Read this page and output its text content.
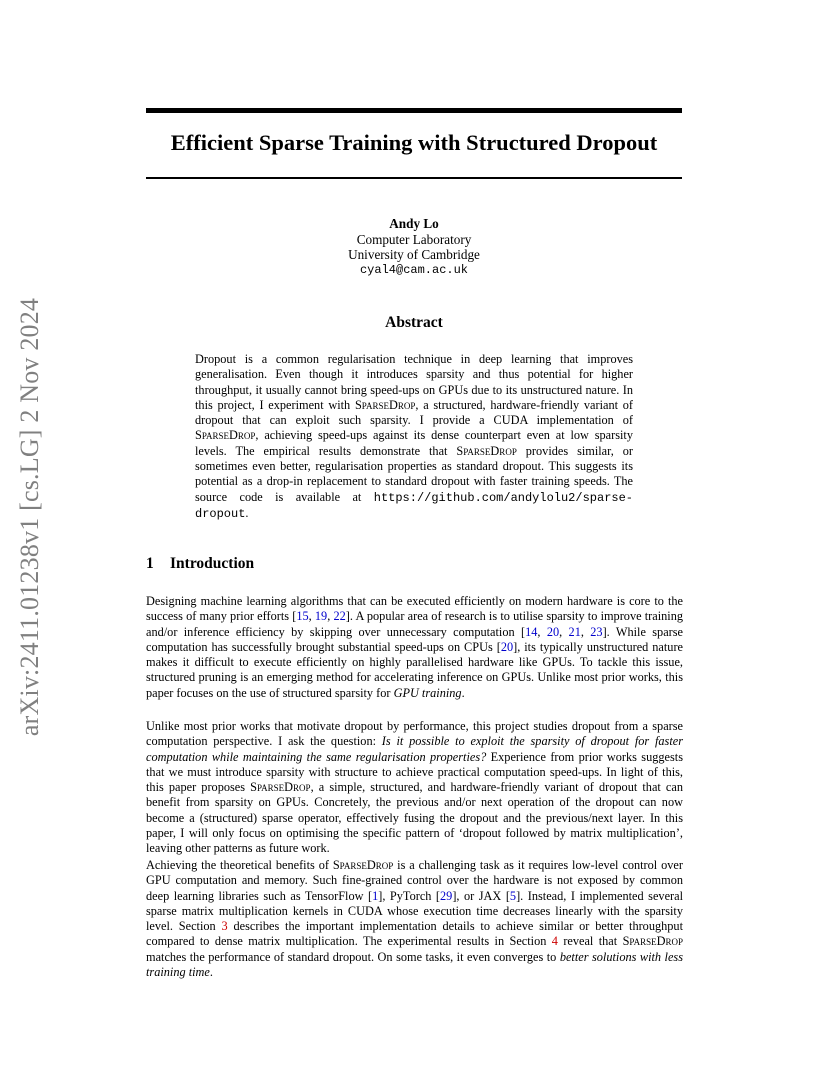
arXiv:2411.01238v1 [cs.LG] 2 Nov 2024
Efficient Sparse Training with Structured Dropout
Andy Lo
Computer Laboratory
University of Cambridge
cyal4@cam.ac.uk
Abstract

Dropout is a common regularisation technique in deep learning that improves generalisation. Even though it introduces sparsity and thus potential for higher throughput, it usually cannot bring speed-ups on GPUs due to its unstructured nature. In this project, I experiment with SparseDrop, a structured, hardware-friendly variant of dropout that can exploit such sparsity. I provide a CUDA implementation of SparseDrop, achieving speed-ups against its dense counterpart even at low sparsity levels. The empirical results demonstrate that SparseDrop provides similar, or sometimes even better, regularisation properties as standard dropout. This suggests its potential as a drop-in replacement to standard dropout with faster training speeds. The source code is available at https://github.com/andylolu2/sparse-dropout.

1 Introduction

Designing machine learning algorithms that can be executed efficiently on modern hardware is core to the success of many prior efforts [15, 19, 22]. A popular area of research is to utilise sparsity to improve training and/or inference efficiency by skipping over unnecessary computation [14, 20, 21, 23]. While sparse computation has successfully brought substantial speed-ups on CPUs [20], its typically unstructured nature makes it difficult to execute efficiently on highly parallelised hardware like GPUs. To tackle this issue, structured pruning is an emerging method for accelerating inference on GPUs. Unlike most prior works, this paper focuses on the use of structured sparsity for GPU training.

Unlike most prior works that motivate dropout by performance, this project studies dropout from a sparse computation perspective. I ask the question: Is it possible to exploit the sparsity of dropout for faster computation while maintaining the same regularisation properties? Experience from prior works suggests that we must introduce sparsity with structure to achieve practical computation speed-ups. In light of this, this paper proposes SparseDrop, a simple, structured, and hardware-friendly variant of dropout that can benefit from sparsity on GPUs. Concretely, the previous and/or next operation of the dropout can now become a (structured) sparse operator, effectively fusing the dropout and the previous/next layer. In this paper, I will only focus on optimising the specific pattern of ‘dropout followed by matrix multiplication’, leaving other patterns as future work.

Achieving the theoretical benefits of SparseDrop is a challenging task as it requires low-level control over GPU computation and memory. Such fine-grained control over the hardware is not exposed by common deep learning libraries such as TensorFlow [1], PyTorch [29], or JAX [5]. Instead, I implemented several sparse matrix multiplication kernels in CUDA whose execution time decreases linearly with the sparsity level. Section 3 describes the important implementation details to achieve similar or better throughput compared to dense matrix multiplication. The experimental results in Section 4 reveal that SparseDrop matches the performance of standard dropout. On some tasks, it even converges to better solutions with less training time.
